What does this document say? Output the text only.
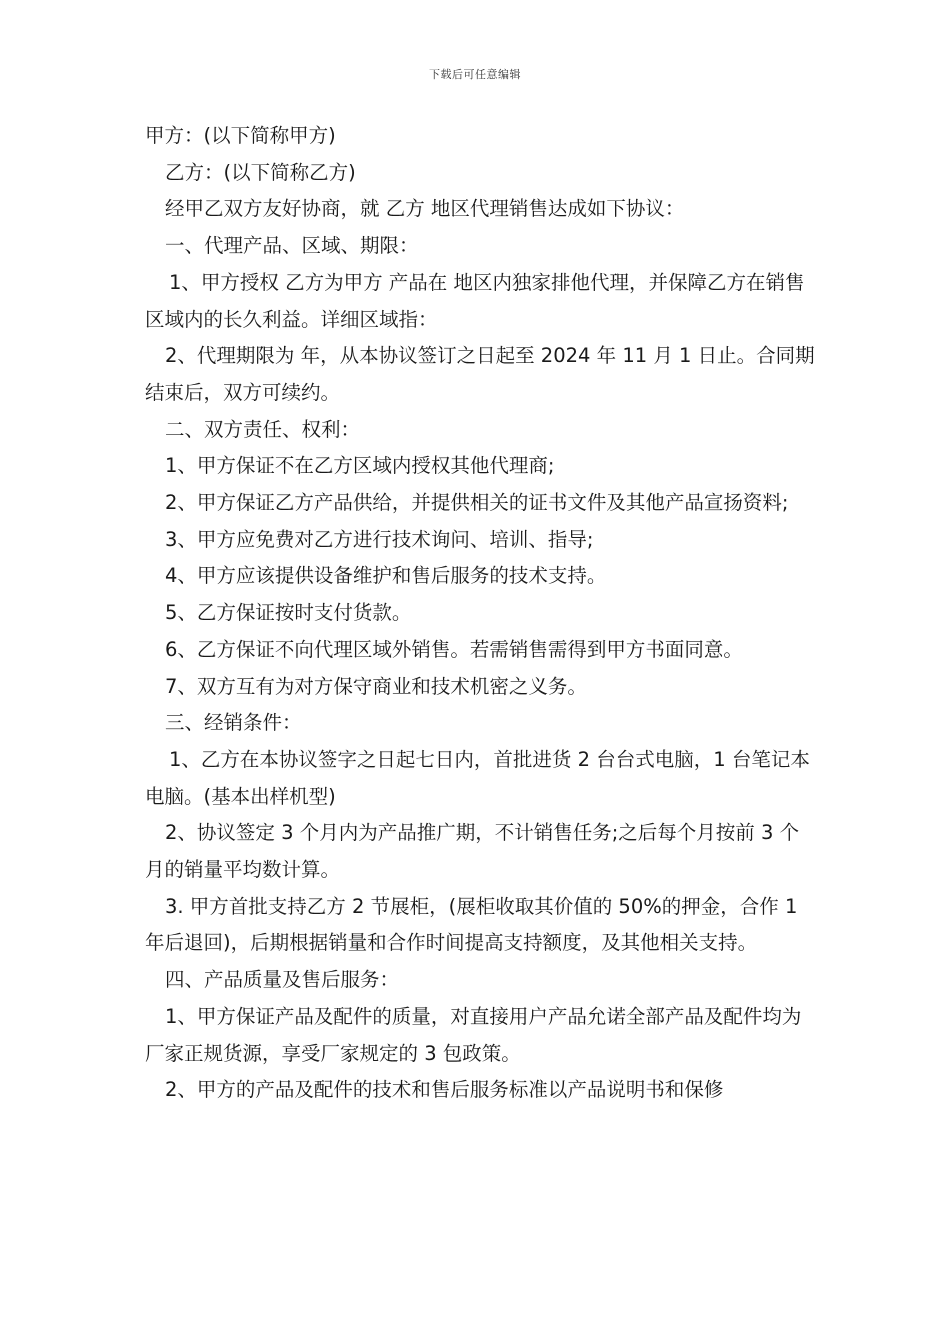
下载后可任意编辑

甲方：(以下简称甲方)

乙方：(以下简称乙方)

经甲乙双方友好协商，就 乙方 地区代理销售达成如下协议：

一、代理产品、区域、期限：

1、甲方授权 乙方为甲方 产品在 地区内独家排他代理，并保障乙方在销售区域内的长久利益。详细区域指：

2、代理期限为 年，从本协议签订之日起至 2024 年 11 月 1 日止。合同期结束后，双方可续约。

二、双方责任、权利：

1、甲方保证不在乙方区域内授权其他代理商;

2、甲方保证乙方产品供给，并提供相关的证书文件及其他产品宣扬资料;

3、甲方应免费对乙方进行技术询问、培训、指导;

4、甲方应该提供设备维护和售后服务的技术支持。

5、乙方保证按时支付货款。

6、乙方保证不向代理区域外销售。若需销售需得到甲方书面同意。

7、双方互有为对方保守商业和技术机密之义务。

三、经销条件：

1、乙方在本协议签字之日起七日内，首批进货 2 台台式电脑，1 台笔记本电脑。(基本出样机型)

2、协议签定 3 个月内为产品推广期，不计销售任务;之后每个月按前 3 个月的销量平均数计算。

3. 甲方首批支持乙方 2 节展柜，(展柜收取其价值的 50%的押金，合作 1 年后退回)，后期根据销量和合作时间提高支持额度，及其他相关支持。

四、产品质量及售后服务：

1、甲方保证产品及配件的质量，对直接用户产品允诺全部产品及配件均为厂家正规货源，享受厂家规定的 3 包政策。

2、甲方的产品及配件的技术和售后服务标准以产品说明书和保修
